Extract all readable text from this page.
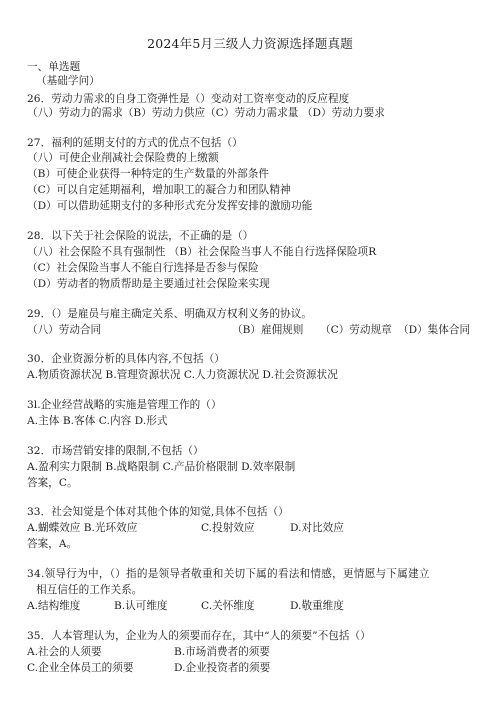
2024年5月三级人力资源选择题真题
一、单选题
（基础学问）
26．劳动力需求的自身工资弹性是（）变动对工资率变动的反应程度
（八）劳动力的需求（B）劳动力供应（C）劳动力需求量 （D）劳动力要求
27．福利的延期支付的方式的优点不包括（）
（八）可使企业削减社会保险费的上缴额
（B）可使企业获得一种特定的生产数量的外部条件
（C）可以自定延期福利，增加职工的凝合力和团队精神
（D）可以借助延期支付的多种形式充分发挥安排的激励功能
28．以下关于社会保险的说法，不正确的是（）
（八）社会保险不具有强制性 （B）社会保险当事人不能自行选择保险项R
（C）社会保险当事人不能自行选择是否参与保险
（D）劳动者的物质帮助是主要通过社会保险来实现
29．（）是雇员与雇主确定关系、明确双方权利义务的协议。
（八）劳动合同	（B）雇佣规则 （C）劳动规章 （D）集体合同
30．企业资源分析的具体内容,不包括（）
A.物质资源状况 B.管理资源状况 C.人力资源状况 D.社会资源状况
3l.企业经营战略的实施是管理工作的（）
A.主体 B.客体 C.内容 D.形式
32．市场营销安排的限制,不包括（）
A.盈利实力限制 B.战略限制 C.产品价格限制 D.效率限制
答案，C。
33．社会知觉是个体对其他个体的知觉,具体不包括（）
A.蝴蝶效应 B.光环效应	C.投射效应	D.对比效应
答案，A。
34.领导行为中，（）指的是领导者敬重和关切下属的看法和情感，更情愿与下属建立
相互信任的工作关系。
A.结构维度	B.认可维度	C.关怀维度	D.敬重维度
35．人本管理认为，企业为人的须要而存在，其中“人的须要”不包括（）
A.社会的人须要	B.市场消费者的须要
C.企业全体员工的须要	D.企业投资者的须要
